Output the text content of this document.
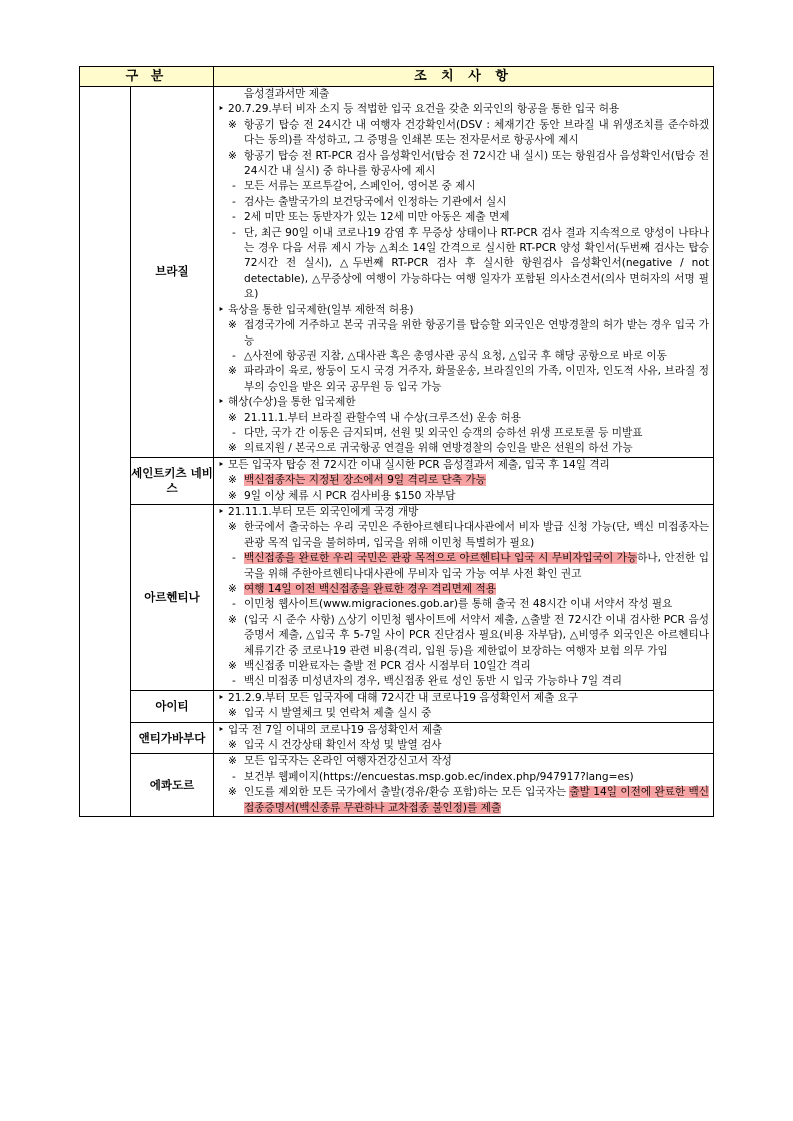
구 분	조 치 사 항
브라질

음성결과서만 제출
‣ 20.7.29.부터 비자 소지 등 적법한 입국 요건을 갖춘 외국인의 항공을 통한 입국 허용
※ 항공기 탑승 전 24시간 내 여행자 건강확인서(DSV : 체재기간 동안 브라질 내 위생조치를 준수하겠다는 동의)를 작성하고, 그 증명을 인쇄본 또는 전자문서로 항공사에 제시
※ 항공기 탑승 전 RT-PCR 검사 음성확인서(탑승 전 72시간 내 실시) 또는 항원검사 음성확인서(탑승 전 24시간 내 실시) 중 하나를 항공사에 제시
- 모든 서류는 포르투갈어, 스페인어, 영어본 중 제시
- 검사는 출발국가의 보건당국에서 인정하는 기관에서 실시
- 2세 미만 또는 동반자가 있는 12세 미만 아동은 제출 면제
- 단, 최근 90일 이내 코로나19 감염 후 무증상 상태이나 RT-PCR 검사 결과 지속적으로 양성이 나타나는 경우 다음 서류 제시 가능 △최소 14일 간격으로 실시한 RT-PCR 양성 확인서(두번째 검사는 탑승72시간 전 실시), △두번째 RT-PCR 검사 후 실시한 항원검사 음성확인서(negative / not detectable), △무증상에 여행이 가능하다는 여행 일자가 포함된 의사소견서(의사 면허자의 서명 필요)
‣ 육상을 통한 입국제한(일부 제한적 허용)
※ 접경국가에 거주하고 본국 귀국을 위한 항공기를 탑승할 외국인은 연방경찰의 허가 받는 경우 입국 가능
- △사전에 항공권 지참, △대사관 혹은 총영사관 공식 요청, △입국 후 해당 공항으로 바로 이동
※ 파라과이 육로, 쌍둥이 도시 국경 거주자, 화물운송, 브라질인의 가족, 이민자, 인도적 사유, 브라질 정부의 승인을 받은 외국 공무원 등 입국 가능
‣ 해상(수상)을 통한 입국제한
※ 21.11.1.부터 브라질 관할수역 내 수상(크루즈선) 운송 허용
- 다만, 국가 간 이동은 금지되며, 선원 및 외국인 승객의 승하선 위생 프로토콜 등 미발표
※ 의료지원 / 본국으로 귀국항공 연결을 위해 연방경찰의 승인을 받은 선원의 하선 가능
세인트키츠 네비스
‣ 모든 입국자 탑승 전 72시간 이내 실시한 PCR 음성결과서 제출, 입국 후 14일 격리
※ 백신접종자는 지정된 장소에서 9일 격리로 단축 가능
※ 9일 이상 체류 시 PCR 검사비용 $150 자부담
아르헨티나
‣ 21.11.1.부터 모든 외국인에게 국경 개방
※ 한국에서 출국하는 우리 국민은 주한아르헨티나대사관에서 비자 발급 신청 가능(단, 백신 미접종자는 관광 목적 입국을 불허하며, 입국을 위해 이민청 특별허가 필요)
- 백신접종을 완료한 우리 국민은 관광 목적으로 아르헨티나 입국 시 무비자입국이 가능하나, 안전한 입국을 위해 주한아르헨티나대사관에 무비자 입국 가능 여부 사전 확인 권고
※ 여행 14일 이전 백신접종을 완료한 경우 격리면제 적용
- 이민청 웹사이트(www.migraciones.gob.ar)를 통해 출국 전 48시간 이내 서약서 작성 필요
※ (입국 시 준수 사항) △상기 이민청 웹사이트에 서약서 제출, △출발 전 72시간 이내 검사한 PCR 음성증명서 제출, △입국 후 5-7일 사이 PCR 진단검사 필요(비용 자부담), △비영주 외국인은 아르헨티나 체류기간 중 코로나19 관련 비용(격리, 입원 등)을 제한없이 보장하는 여행자 보험 의무 가입
※ 백신접종 미완료자는 출발 전 PCR 검사 시점부터 10일간 격리
- 백신 미접종 미성년자의 경우, 백신접종 완료 성인 동반 시 입국 가능하나 7일 격리
아이티
‣ 21.2.9.부터 모든 입국자에 대해 72시간 내 코로나19 음성확인서 제출 요구
※ 입국 시 발열체크 및 연락처 제출 실시 중
앤티가바부다
‣ 입국 전 7일 이내의 코로나19 음성확인서 제출
※ 입국 시 건강상태 확인서 작성 및 발열 검사
에콰도르
※ 모든 입국자는 온라인 여행자건강신고서 작성
- 보건부 웹페이지(https://encuestas.msp.gob.ec/index.php/947917?lang=es)
※ 인도를 제외한 모든 국가에서 출발(경유/환승 포함)하는 모든 입국자는 출발 14일 이전에 완료한 백신접종증명서(백신종류 무관하나 교차접종 불인정)를 제출
